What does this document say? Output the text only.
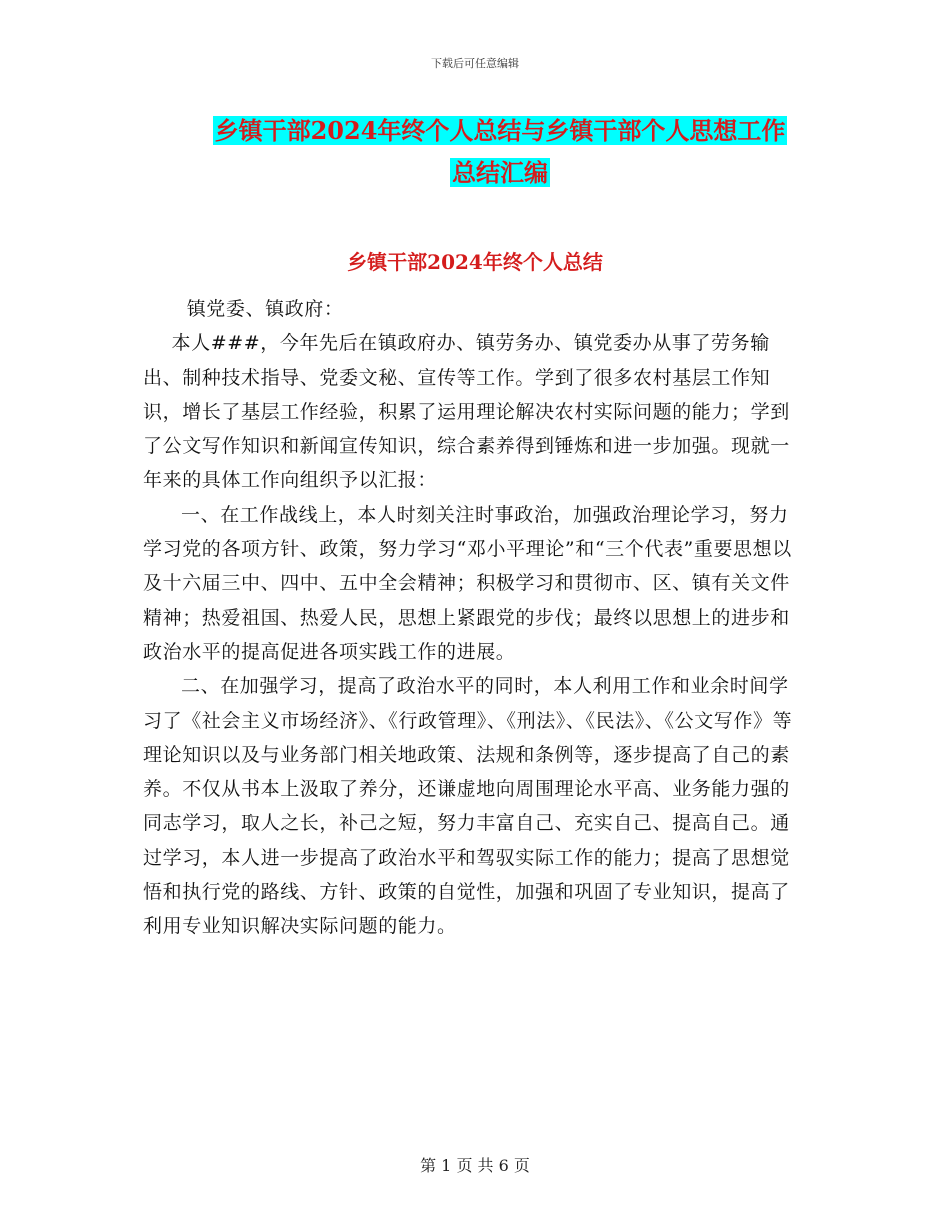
下载后可任意编辑
乡镇干部2024年终个人总结与乡镇干部个人思想工作
总结汇编
乡镇干部2024年终个人总结

镇党委、镇政府：

本人###，今年先后在镇政府办、镇劳务办、镇党委办从事了劳务输出、制种技术指导、党委文秘、宣传等工作。学到了很多农村基层工作知识，增长了基层工作经验，积累了运用理论解决农村实际问题的能力；学到了公文写作知识和新闻宣传知识，综合素养得到锤炼和进一步加强。现就一年来的具体工作向组织予以汇报：

一、在工作战线上，本人时刻关注时事政治，加强政治理论学习，努力学习党的各项方针、政策，努力学习“邓小平理论”和“三个代表”重要思想以及十六届三中、四中、五中全会精神；积极学习和贯彻市、区、镇有关文件精神；热爱祖国、热爱人民，思想上紧跟党的步伐；最终以思想上的进步和政治水平的提高促进各项实践工作的进展。

二、在加强学习，提高了政治水平的同时，本人利用工作和业余时间学习了《社会主义市场经济》、《行政管理》、《刑法》、《民法》、《公文写作》等理论知识以及与业务部门相关地政策、法规和条例等，逐步提高了自己的素养。不仅从书本上汲取了养分，还谦虚地向周围理论水平高、业务能力强的同志学习，取人之长，补己之短，努力丰富自己、充实自己、提高自己。通过学习，本人进一步提高了政治水平和驾驭实际工作的能力；提高了思想觉悟和执行党的路线、方针、政策的自觉性，加强和巩固了专业知识，提高了利用专业知识解决实际问题的能力。

第 1 页 共 6 页
